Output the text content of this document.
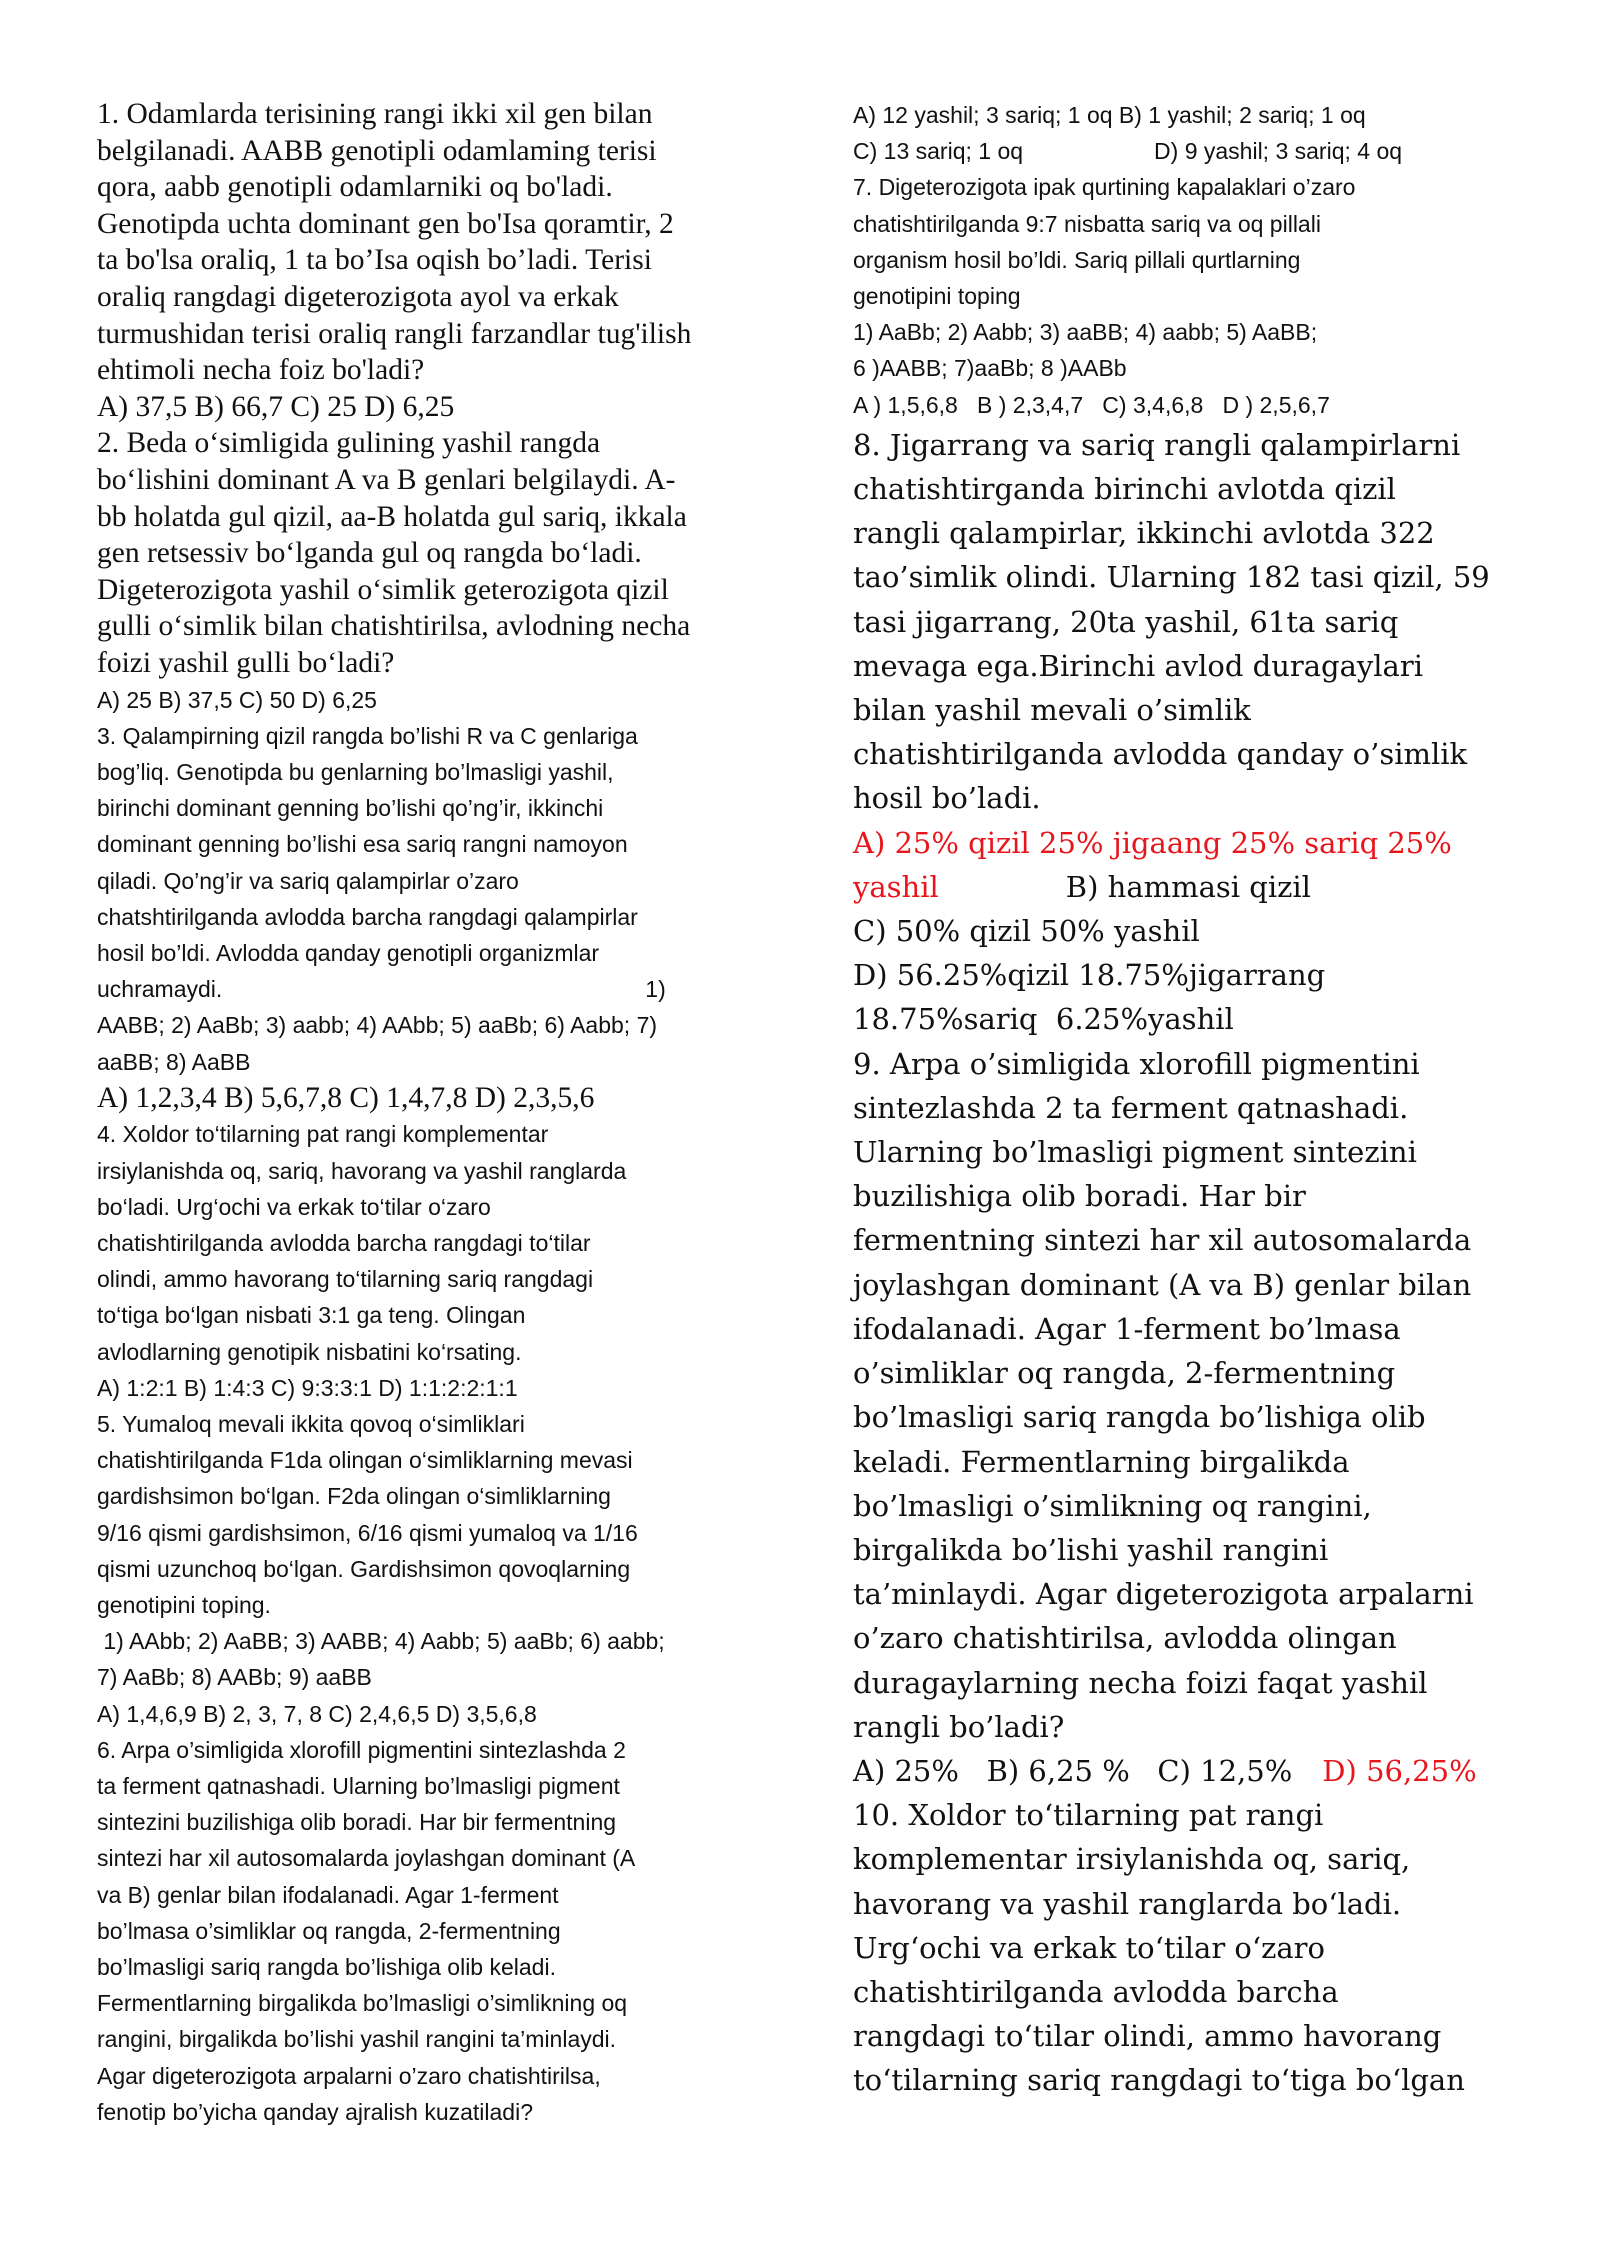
1. Odamlarda terisining rangi ikki xil gen bilan
belgilanadi. AABB genotipli odamlaming terisi
qora, aabb genotipli odamlarniki oq bo'ladi.
Genotipda uchta dominant gen bo'Isa qoramtir, 2
ta bo'lsa oraliq, 1 ta bo’Isa oqish bo’ladi. Terisi
oraliq rangdagi digeterozigota ayol va erkak
turmushidan terisi oraliq rangli farzandlar tug'ilish
ehtimoli necha foiz bo'ladi?
A) 37,5 B) 66,7 C) 25 D) 6,25
2. Beda o‘simligida gulining yashil rangda
bo‘lishini dominant A va B genlari belgilaydi. A-
bb holatda gul qizil, aa-B holatda gul sariq, ikkala
gen retsessiv bo‘lganda gul oq rangda bo‘ladi.
Digeterozigota yashil o‘simlik geterozigota qizil
gulli o‘simlik bilan chatishtirilsa, avlodning necha
foizi yashil gulli bo‘ladi?
A) 25 B) 37,5 C) 50 D) 6,25
3. Qalampirning qizil rangda bo’lishi R va C genlariga
bog’liq. Genotipda bu genlarning bo’lmasligi yashil,
birinchi dominant genning bo’lishi qo’ng’ir, ikkinchi
dominant genning bo’lishi esa sariq rangni namoyon
qiladi. Qo’ng’ir va sariq qalampirlar o’zaro
chatshtirilganda avlodda barcha rangdagi qalampirlar
hosil bo’ldi. Avlodda qanday genotipli organizmlar
uchramaydi.	1)
AABB; 2) AaBb; 3) aabb; 4) AAbb; 5) aaBb; 6) Aabb; 7)
aaBB; 8) AaBB
A) 1,2,3,4 B) 5,6,7,8 C) 1,4,7,8 D) 2,3,5,6
4. Xoldor to‘tilarning pat rangi komplementar
irsiylanishda oq, sariq, havorang va yashil ranglarda
bo‘ladi. Urg‘ochi va erkak to‘tilar o‘zaro
chatishtirilganda avlodda barcha rangdagi to‘tilar
olindi, ammo havorang to‘tilarning sariq rangdagi
to‘tiga bo‘lgan nisbati 3:1 ga teng. Olingan
avlodlarning genotipik nisbatini ko‘rsating.
A) 1:2:1 B) 1:4:3 C) 9:3:3:1 D) 1:1:2:2:1:1
5. Yumaloq mevali ikkita qovoq o‘simliklari
chatishtirilganda F1da olingan o‘simliklarning mevasi
gardishsimon bo‘lgan. F2da olingan o‘simliklarning
9/16 qismi gardishsimon, 6/16 qismi yumaloq va 1/16
qismi uzunchoq bo‘lgan. Gardishsimon qovoqlarning
genotipini toping.
1) AAbb; 2) AaBB; 3) AABB; 4) Aabb; 5) aaBb; 6) aabb;
7) AaBb; 8) AABb; 9) aaBB
A) 1,4,6,9 B) 2, 3, 7, 8 C) 2,4,6,5 D) 3,5,6,8
6. Arpa o’simligida xlorofill pigmentini sintezlashda 2
ta ferment qatnashadi. Ularning bo’lmasligi pigment
sintezini buzilishiga olib boradi. Har bir fermentning
sintezi har xil autosomalarda joylashgan dominant (A
va B) genlar bilan ifodalanadi. Agar 1-ferment
bo’lmasa o’simliklar oq rangda, 2-fermentning
bo’lmasligi sariq rangda bo’lishiga olib keladi.
Fermentlarning birgalikda bo’lmasligi o’simlikning oq
rangini, birgalikda bo’lishi yashil rangini ta’minlaydi.
Agar digeterozigota arpalarni o’zaro chatishtirilsa,
fenotip bo’yicha qanday ajralish kuzatiladi?
A) 12 yashil; 3 sariq; 1 oq B) 1 yashil; 2 sariq; 1 oq
C) 13 sariq; 1 oq	D) 9 yashil; 3 sariq; 4 oq
7. Digeterozigota ipak qurtining kapalaklari o’zaro
chatishtirilganda 9:7 nisbatta sariq va oq pillali
organism hosil bo’ldi. Sariq pillali qurtlarning
genotipini toping
1) AaBb; 2) Aabb; 3) aaBB; 4) aabb; 5) AaBB;
6 )AABB; 7)aaBb; 8 )AABb
A ) 1,5,6,8   B ) 2,3,4,7   C) 3,4,6,8   D ) 2,5,6,7
8. Jigarrang va sariq rangli qalampirlarni
chatishtirganda birinchi avlotda qizil
rangli qalampirlar, ikkinchi avlotda 322
tao’simlik olindi. Ularning 182 tasi qizil, 59
tasi jigarrang, 20ta yashil, 61ta sariq
mevaga ega.Birinchi avlod duragaylari
bilan yashil mevali o’simlik
chatishtirilganda avlodda qanday o’simlik
hosil bo’ladi.
A) 25% qizil 25% jigaang 25% sariq 25%
yashil	B) hammasi qizil
C) 50% qizil 50% yashil
D) 56.25%qizil 18.75%jigarrang
18.75%sariq  6.25%yashil
9. Arpa o’simligida xlorofill pigmentini
sintezlashda 2 ta ferment qatnashadi.
Ularning bo’lmasligi pigment sintezini
buzilishiga olib boradi. Har bir
fermentning sintezi har xil autosomalarda
joylashgan dominant (A va B) genlar bilan
ifodalanadi. Agar 1-ferment bo’lmasa
o’simliklar oq rangda, 2-fermentning
bo’lmasligi sariq rangda bo’lishiga olib
keladi. Fermentlarning birgalikda
bo’lmasligi o’simlikning oq rangini,
birgalikda bo’lishi yashil rangini
ta’minlaydi. Agar digeterozigota arpalarni
o’zaro chatishtirilsa, avlodda olingan
duragaylarning necha foizi faqat yashil
rangli bo’ladi?
A) 25%   B) 6,25 %   C) 12,5% D) 56,25%
10. Xoldor to‘tilarning pat rangi
komplementar irsiylanishda oq, sariq,
havorang va yashil ranglarda bo‘ladi.
Urg‘ochi va erkak to‘tilar o‘zaro
chatishtirilganda avlodda barcha
rangdagi to‘tilar olindi, ammo havorang
to‘tilarning sariq rangdagi to‘tiga bo‘lgan
